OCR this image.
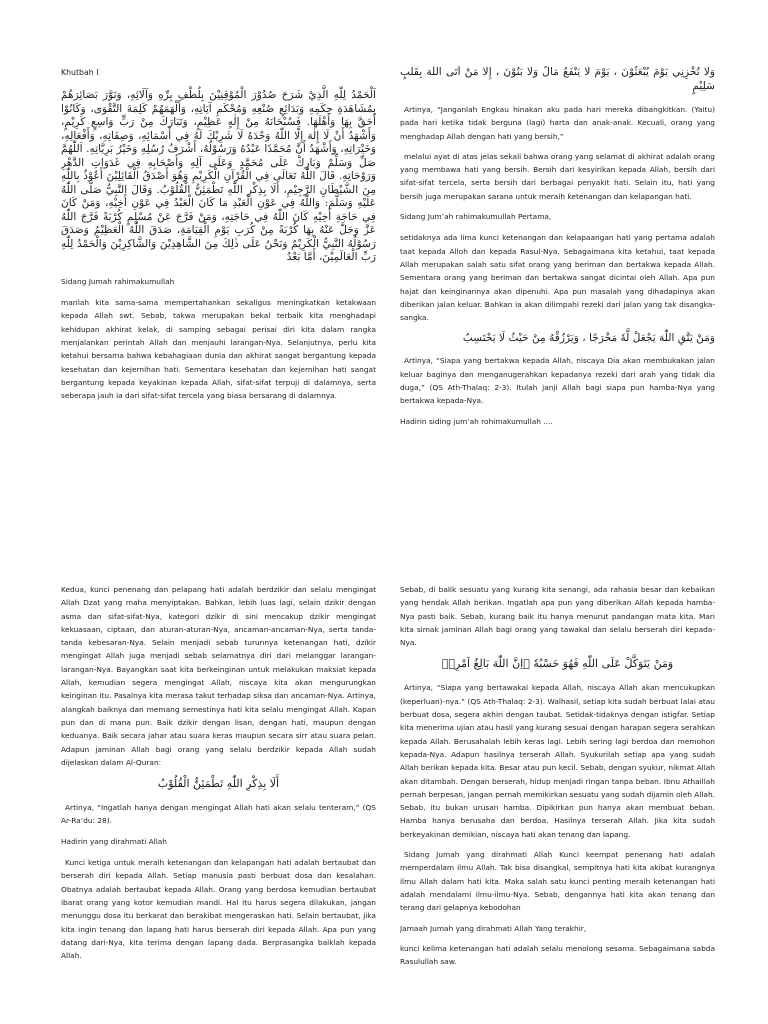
Khutbah I
اَلْحَمْدُ لِلّٰهِ الَّذِيْ شَرَحَ صُدُوْرَ الْمُوْقِنِيْنَ بِلُطْفِ بِرِّهِ وَآلَائِهِ، وَنَوَّرَ بَصَائِرَهُمْ بِمُشَاهَدَةِ حِكَمِهِ وَبَدَائِعِ صُنْعِهِ وَمُحْكَمِ آيَاتِهِ، وَأَلْهَمَهُمْ كَلِمَةَ التَّقْوَى، وَكَانُوْا أَحَقَّ بِهَا وَأَهْلَهَا. فَسُبْحَانَهُ مِنْ إِلٰهٍ عَظِيْمٍ، وَتَبَارَكَ مِنْ رَبٍّ وَاسِعٍ كَرِيْمٍ، وَأَشْهَدُ أَنْ لَا إِلٰهَ إِلَّا اللّٰهُ وَحْدَهُ لَا شَرِيْكَ لَهُ فِي أَسْمَائِهِ، وَصِفَاتِهِ، وَأَفْعَالِهِ، وَخَيْرَاتِهِ، وَأَشْهَدُ أَنَّ مُحَمَّدًا عَبْدُهُ وَرَسُوْلُهُ، أَشْرَفُ رُسُلِهِ وَخَيْرُ بَرِيَّاتِهِ. اَللّٰهُمَّ صَلِّ وَسَلِّمْ وَبَارِكْ عَلَى مُحَمَّدٍ وَعَلَى آلِهِ وَأَصْحَابِهِ فِي غَدَوَاتِ الدَّهْرِ وَرَوْحَاتِهِ. قَالَ اللّٰهُ تَعَالَى فِي الْقُرْآنِ الْكَرِيْمِ وَهُوَ أَصْدَقُ الْقَائِلِيْنَ أَعُوْذُ بِاللّٰهِ مِنَ الشَّيْطَانِ الرَّجِيْمِ، أَلَا بِذِكْرِ اللّٰهِ تَطْمَئِنُّ الْقُلُوْبُ. وَقَالَ النَّبِيُّ صَلَّى اللّٰهُ عَلَيْهِ وَسَلَّمَ: وَاللّٰهُ فِي عَوْنِ الْعَبْدِ مَا كَانَ الْعَبْدُ فِي عَوْنِ أَخِيْهِ، وَمَنْ كَانَ فِي حَاجَةِ أَخِيْهِ كَانَ اللّٰهُ فِي حَاجَتِهِ، وَمَنْ فَرَّجَ عَنْ مُسْلِمٍ كُرْبَةً فَرَّجَ اللّٰهُ عَزَّ وَجَلَّ عَنْهُ بِهَا كُرْبَةً مِنْ كُرَبِ يَوْمِ الْقِيَامَةِ، صَدَقَ اللّٰهُ الْعَظِيْمُ وَصَدَقَ رَسُوْلُهُ النَّبِيُّ الْكَرِيْمُ وَنَحْنُ عَلَى ذٰلِكَ مِنَ الشَّاهِدِيْنَ وَالشَّاكِرِيْنَ وَالْحَمْدُ لِلّٰهِ رَبِّ الْعَالَمِيْنَ، أَمَّا بَعْدُ
Sidang Jumah rahimakumullah
marilah kita sama-sama mempertahankan sekaligus meningkatkan ketakwaan kepada Allah swt. Sebab, takwa merupakan bekal terbaik kita menghadapi kehidupan akhirat kelak, di samping sebagai perisai diri kita dalam rangka menjalankan perintah Allah dan menjauhi larangan-Nya. Selanjutnya, perlu kita ketahui bersama bahwa kebahagiaan dunia dan akhirat sangat bergantung kepada kesehatan dan kejernihan hati. Sementara kesehatan dan kejernihan hati sangat bergantung kepada keyakinan kepada Allah, sifat-sifat terpuji di dalamnya, serta seberapa jauh ia dari sifat-sifat tercela yang biasa bersarang di dalamnya.
وَلَا تُخْزِنِي يَوْمَ يُبْعَثُوْنَ ، يَوْمَ لَا يَنْفَعُ مَالٌ وَلَا بَنُوْنَ ، إِلَّا مَنْ أَتَى اللّٰهَ بِقَلْبٍ سَلِيْمٍ
Artinya, “Janganlah Engkau hinakan aku pada hari mereka dibangkitkan. (Yaitu) pada hari ketika tidak berguna (lagi) harta dan anak-anak. Kecuali, orang yang menghadap Allah dengan hati yang bersih,”
melalui ayat di atas jelas sekali bahwa orang yang selamat di akhirat adalah orang yang membawa hati yang bersih. Bersih dari kesyirikan kepada Allah, bersih dari sifat-sifat tercela, serta bersih dari berbagai penyakit hati. Selain itu, hati yang bersih juga merupakan sarana untuk meraih ketenangan dan kelapangan hati.
Sidang Jum’ah rahimakumullah Pertama,
setidaknya ada lima kunci ketenangan dan kelapaangan hati yang pertama adalah taat kepada Alloh dan kepada Rasul-Nya. Sebagaimana kita ketahui, taat kepada Allah merupakan salah satu sifat orang yang beriman dan bertakwa kepada Allah. Sementara orang yang beriman dan bertakwa sangat dicintai oleh Allah. Apa pun hajat dan keinginannya akan dipenuhi. Apa pun masalah yang dihadapinya akan diberikan jalan keluar. Bahkan ia akan dilimpahi rezeki dari jalan yang tak disangka-sangka.
وَمَنْ يَتَّقِ اللّٰهَ يَجْعَلْ لَّهٗ مَخْرَجًا ، وَيَرْزُقْهُ مِنْ حَيْثُ لَا يَحْتَسِبُ
Artinya, “Siapa yang bertakwa kepada Allah, niscaya Dia akan membukakan jalan keluar baginya dan menganugerahkan kepadanya rezeki dari arah yang tidak dia duga,” (QS Ath-Thalaq: 2-3). Itulah janji Allah bagi siapa pun hamba-Nya yang bertakwa kepada-Nya.
Hadirin siding jum’ah rohimakumullah ....
Kedua, kunci penenang dan pelapang hati adalah berdzikir dan selalu mengingat Allah Dzat yang maha menyiptakan. Bahkan, lebih luas lagi, selain dzikir dengan asma dan sifat-sifat-Nya, kategori dzikir di sini mencakup dzikir mengingat kekuasaan, ciptaan, dan aturan-aturan-Nya, ancaman-ancaman-Nya, serta tanda-tanda kebesaran-Nya. Selain menjadi sebab turunnya ketenangan hati, dzikir mengingat Allah juga menjadi sebab selamatnya diri dari melanggar larangan-larangan-Nya. Bayangkan saat kita berkeinginan untuk melakukan maksiat kepada Allah, kemudian segera mengingat Allah, niscaya kita akan mengurungkan keinginan itu. Pasalnya kita merasa takut terhadap siksa dan ancaman-Nya. Artinya, alangkah baiknya dan memang semestinya hati kita selalu mengingat Allah. Kapan pun dan di mana pun. Baik dzikir dengan lisan, dengan hati, maupun dengan keduanya. Baik secara jahar atau suara keras maupun secara sirr atau suara pelan. Adapun jaminan Allah bagi orang yang selalu berdzikir kepada Allah sudah dijelaskan dalam Al-Quran:
أَلَا بِذِكْرِ اللّٰهِ تَطْمَئِنُّ الْقُلُوْبُ
Artinya, “Ingatlah hanya dengan mengingat Allah hati akan selalu tenteram,” (QS Ar-Ra’du: 28).
Hadirin yang dirahmati Allah
Kunci ketiga untuk meraih ketenangan dan kelapangan hati adalah bertaubat dan berserah diri kepada Allah. Setiap manusia pasti berbuat dosa dan kesalahan. Obatnya adalah bertaubat kepada Allah. Orang yang berdosa kemudian bertaubat ibarat orang yang kotor kemudian mandi. Hal itu harus segera dilakukan, jangan menunggu dosa itu berkarat dan berakibat mengeraskan hati. Selain bertaubat, jika kita ingin tenang dan lapang hati harus berserah diri kepada Allah. Apa pun yang datang dari-Nya, kita terima dengan lapang dada. Berprasangka baiklah kepada Allah.
Sebab, di balik sesuatu yang kurang kita senangi, ada rahasia besar dan kebaikan yang hendak Allah berikan. Ingatlah apa pun yang diberikan Allah kepada hamba-Nya pasti baik. Sebab, kurang baik itu hanya menurut pandangan mata kita. Mari kita simak jaminan Allah bagi orang yang tawakal dan selalu berserah diri kepada-Nya.
وَمَنْ يَتَوَكَّلْ عَلَى اللّٰهِ فَهُوَ حَسْبُهٗ ۗاِنَّ اللّٰهَ بَالِغُ اَمْرِهٖ
Artinya, “Siapa yang bertawakal kepada Allah, niscaya Allah akan mencukupkan (keperluan)-nya.” (QS Ath-Thalaq: 2-3). Walhasil, setiap kita sudah berbuat lalai atau berbuat dosa, segera akhiri dengan taubat. Setidak-tidaknya dengan istigfar. Setiap kita menerima ujian atau hasil yang kurang sesuai dengan harapan segera serahkan kepada Allah. Berusahalah lebih keras lagi. Lebih sering lagi berdoa dan memohon kepada-Nya. Adapun hasilnya terserah Allah. Syukurilah setiap apa yang sudah Allah berikan kepada kita. Besar atau pun kecil. Sebab, dengan syukur, nikmat Allah akan ditambah. Dengan berserah, hidup menjadi ringan tanpa beban. Ibnu Athaillah pernah berpesan, jangan pernah memikirkan sesuatu yang sudah dijamin oleh Allah. Sebab, itu bukan urusan hamba. Dipikirkan pun hanya akan membuat beban. Hamba hanya berusaha dan berdoa. Hasilnya terserah Allah. Jika kita sudah berkeyakinan demikian, niscaya hati akan tenang dan lapang.
Sidang Jumah yang dirahmati Allah Kunci keempat penenang hati adalah memperdalam ilmu Allah. Tak bisa disangkal, sempitnya hati kita akibat kurangnya ilmu Allah dalam hati kita. Maka salah satu kunci penting meraih ketenangan hati adalah mendalami ilmu-ilmu-Nya. Sebab, dengannya hati kita akan tenang dan terang dari gelapnya kebodohan
Jamaah Jumah yang dirahmati Allah Yang terakhir,
kunci kelima ketenangan hati adalah selalu menolong sesama. Sebagaimana sabda Rasulullah saw.
